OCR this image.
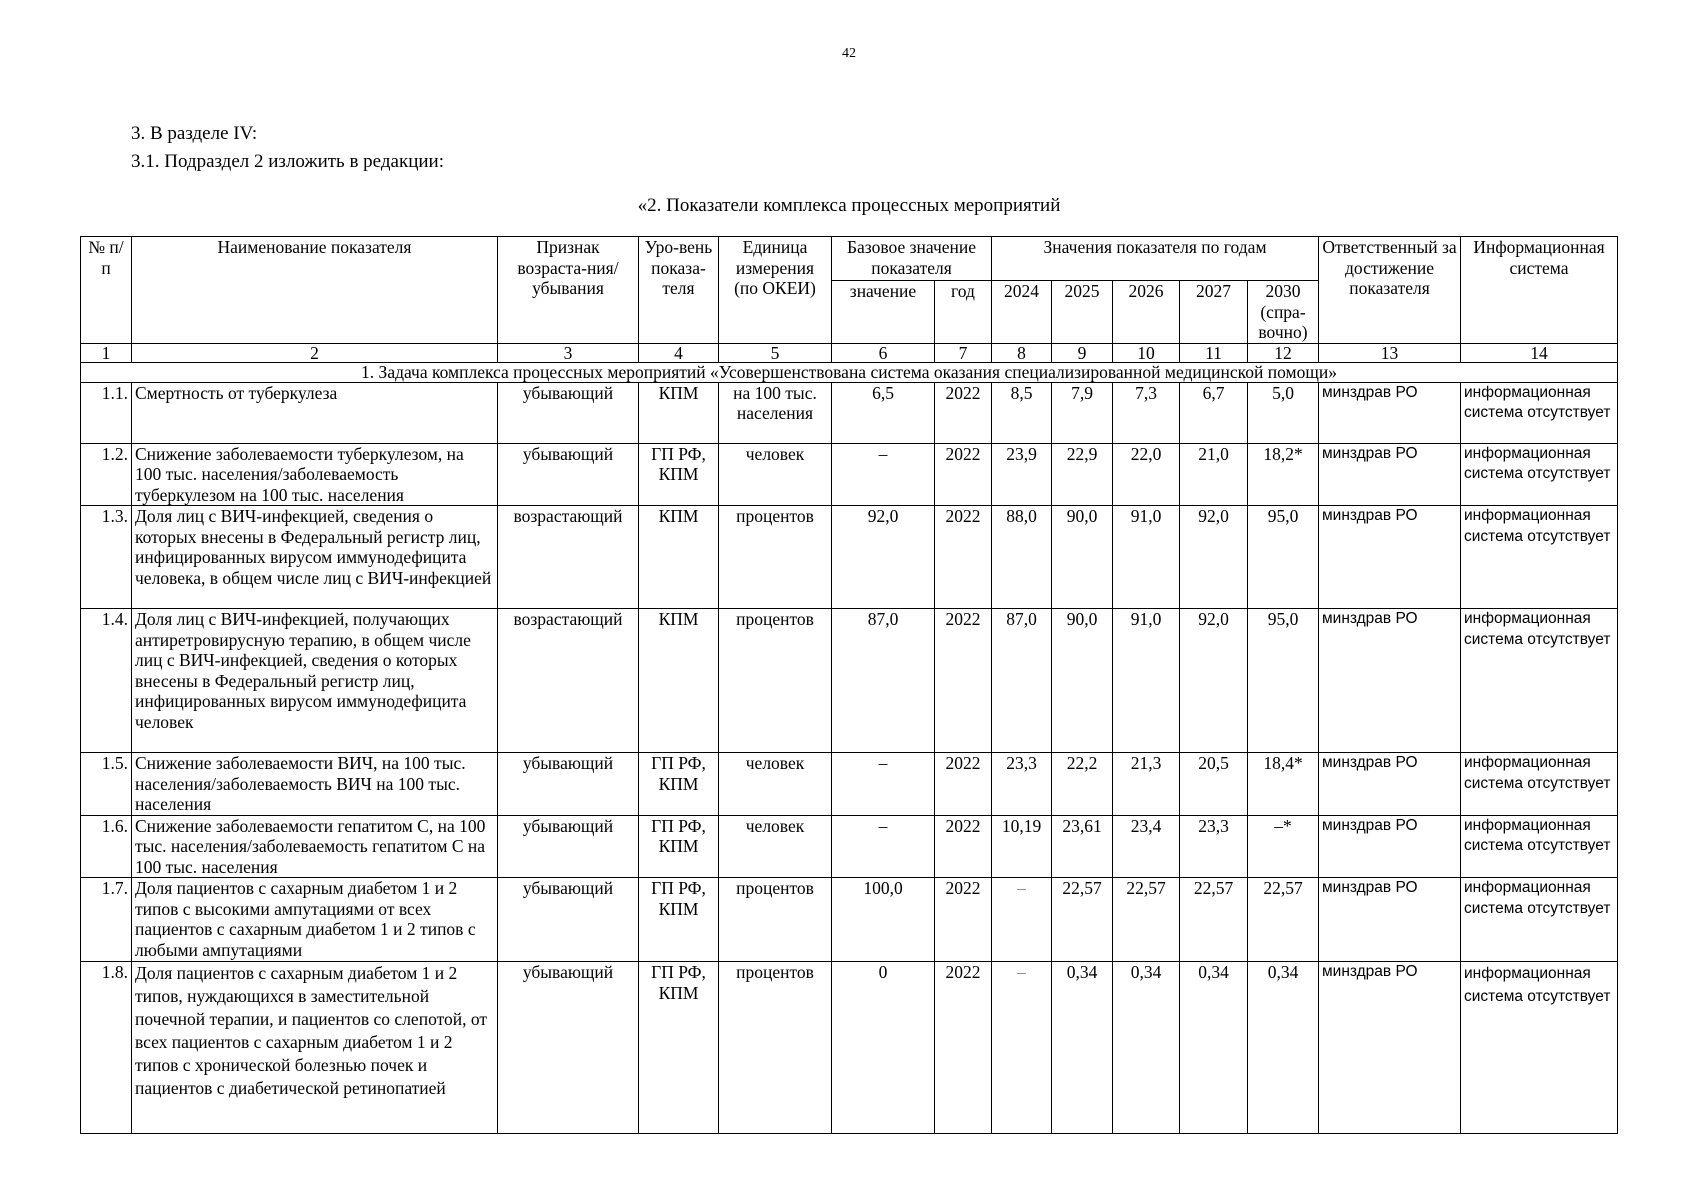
42
3. В разделе IV:
3.1. Подраздел 2 изложить в редакции:
«2. Показатели комплекса процессных мероприятий
№ п/п	Наименование показателя	Признак возраста-ния/убывания	Уро-вень показа-теля	Единица измерения (по ОКЕИ)	Базовое значение показателя		Значения показателя по годам					Ответственный за достижение показателя	Информационная система
					значение	год	2024	2025	2026	2027	2030 (спра-вочно)		
1	2	3	4	5	6	7	8	9	10	11	12	13	14
1. Задача комплекса процессных мероприятий «Усовершенствована система оказания специализированной медицинской помощи»													
1.1.	Смертность от туберкулеза	убывающий	КПМ	на 100 тыс. населения	6,5	2022	8,5	7,9	7,3	6,7	5,0	минздрав РО	информационная система отсутствует
1.2.	Снижение заболеваемости туберкулезом, на 100 тыс. населения/заболеваемость туберкулезом на 100 тыс. населения	убывающий	ГП РФ, КПМ	человек	–	2022	23,9	22,9	22,0	21,0	18,2*	минздрав РО	информационная система отсутствует
1.3.	Доля лиц с ВИЧ-инфекцией, сведения о которых внесены в Федеральный регистр лиц, инфицированных вирусом иммунодефицита человека, в общем числе лиц с ВИЧ-инфекцией	возрастающий	КПМ	процентов	92,0	2022	88,0	90,0	91,0	92,0	95,0	минздрав РО	информационная система отсутствует
1.4.	Доля лиц с ВИЧ-инфекцией, получающих антиретровирусную терапию, в общем числе лиц с ВИЧ-инфекцией, сведения о которых внесены в Федеральный регистр лиц, инфицированных вирусом иммунодефицита человек	возрастающий	КПМ	процентов	87,0	2022	87,0	90,0	91,0	92,0	95,0	минздрав РО	информационная система отсутствует
1.5.	Снижение заболеваемости ВИЧ, на 100 тыс. населения/заболеваемость ВИЧ на 100 тыс. населения	убывающий	ГП РФ, КПМ	человек	–	2022	23,3	22,2	21,3	20,5	18,4*	минздрав РО	информационная система отсутствует
1.6.	Снижение заболеваемости гепатитом С, на 100 тыс. населения/заболеваемость гепатитом С на 100 тыс. населения	убывающий	ГП РФ, КПМ	человек	–	2022	10,19	23,61	23,4	23,3	–*	минздрав РО	информационная система отсутствует
1.7.	Доля пациентов с сахарным диабетом 1 и 2 типов с высокими ампутациями от всех пациентов с сахарным диабетом 1 и 2 типов с любыми ампутациями	убывающий	ГП РФ, КПМ	процентов	100,0	2022	–	22,57	22,57	22,57	22,57	минздрав РО	информационная система отсутствует
1.8.	Доля пациентов с сахарным диабетом 1 и 2 типов, нуждающихся в заместительной почечной терапии, и пациентов со слепотой, от всех пациентов с сахарным диабетом 1 и 2 типов с хронической болезнью почек и пациентов с диабетической ретинопатией	убывающий	ГП РФ, КПМ	процентов	0	2022	–	0,34	0,34	0,34	0,34	минздрав РО	информационная система отсутствует
